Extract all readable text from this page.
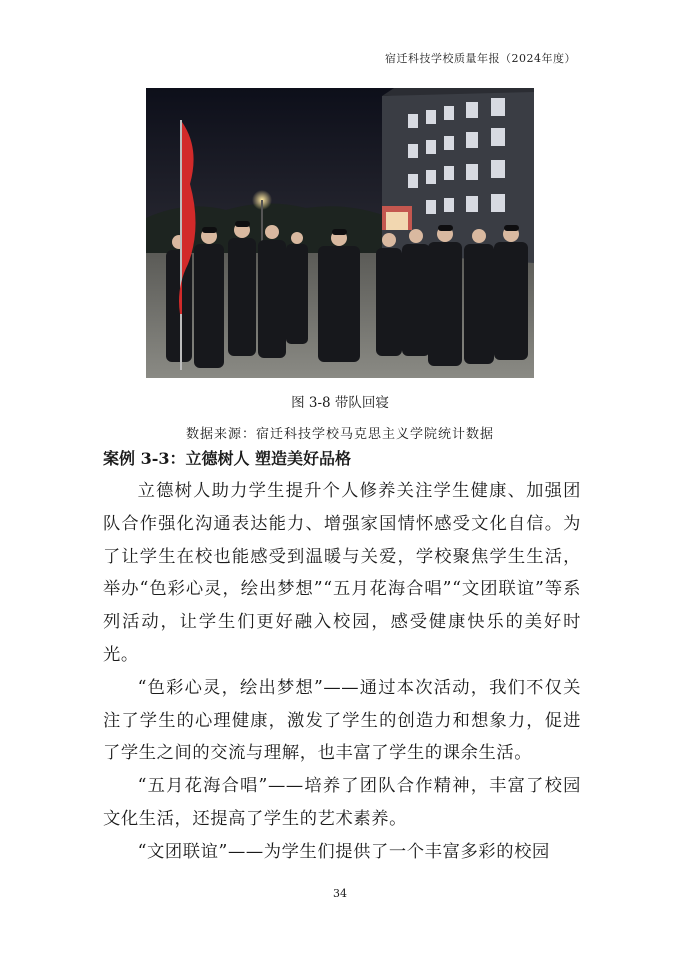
宿迁科技学校质量年报（2024年度）
图 3-8 带队回寝
数据来源：宿迁科技学校马克思主义学院统计数据
案例 3-3：立德树人 塑造美好品格

立德树人助力学生提升个人修养关注学生健康、加强团队合作强化沟通表达能力、增强家国情怀感受文化自信。为了让学生在校也能感受到温暖与关爱，学校聚焦学生生活，举办“色彩心灵，绘出梦想”“五月花海合唱”“文团联谊”等系列活动，让学生们更好融入校园，感受健康快乐的美好时光。

“色彩心灵，绘出梦想”——通过本次活动，我们不仅关注了学生的心理健康，激发了学生的创造力和想象力，促进了学生之间的交流与理解，也丰富了学生的课余生活。

“五月花海合唱”——培养了团队合作精神，丰富了校园文化生活，还提高了学生的艺术素养。

“文团联谊”——为学生们提供了一个丰富多彩的校园

34
